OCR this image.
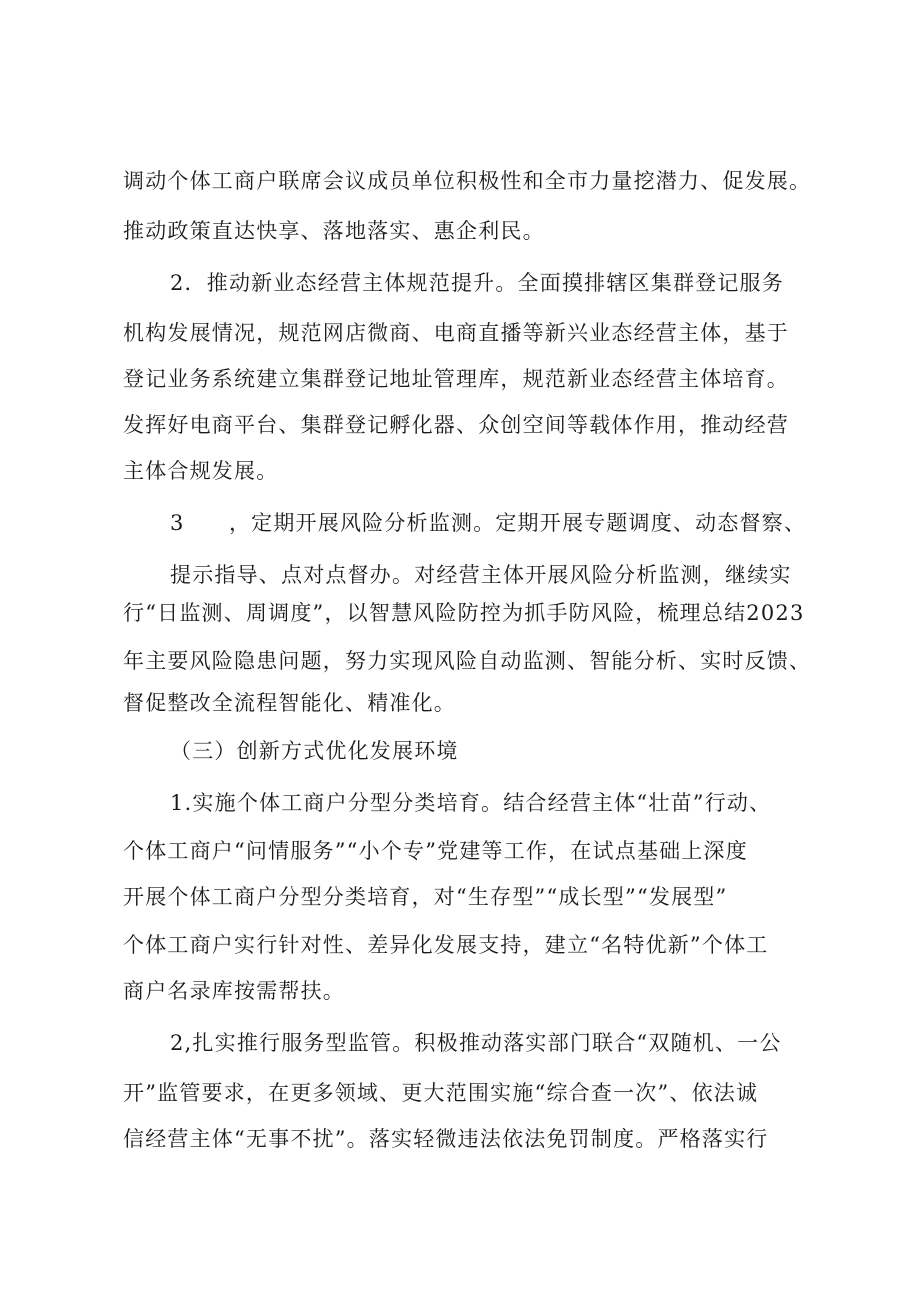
调动个体工商户联席会议成员单位积极性和全市力量挖潜力、促发展。
推动政策直达快享、落地落实、惠企利民。
2．推动新业态经营主体规范提升。全面摸排辖区集群登记服务
机构发展情况，规范网店微商、电商直播等新兴业态经营主体，基于
登记业务系统建立集群登记地址管理库，规范新业态经营主体培育。
发挥好电商平台、集群登记孵化器、众创空间等载体作用，推动经营
主体合规发展。
3　　，定期开展风险分析监测。定期开展专题调度、动态督察、
提示指导、点对点督办。对经营主体开展风险分析监测，继续实
行“日监测、周调度”，以智慧风险防控为抓手防风险，梳理总结2023
年主要风险隐患问题，努力实现风险自动监测、智能分析、实时反馈、
督促整改全流程智能化、精准化。
（三）创新方式优化发展环境
1.实施个体工商户分型分类培育。结合经营主体“壮苗”行动、
个体工商户“问情服务”“小个专”党建等工作，在试点基础上深度
开展个体工商户分型分类培育，对“生存型”“成长型”“发展型”
个体工商户实行针对性、差异化发展支持，建立“名特优新”个体工
商户名录库按需帮扶。
2,扎实推行服务型监管。积极推动落实部门联合“双随机、一公
开”监管要求，在更多领域、更大范围实施“综合查一次”、依法诚
信经营主体“无事不扰”。落实轻微违法依法免罚制度。严格落实行
